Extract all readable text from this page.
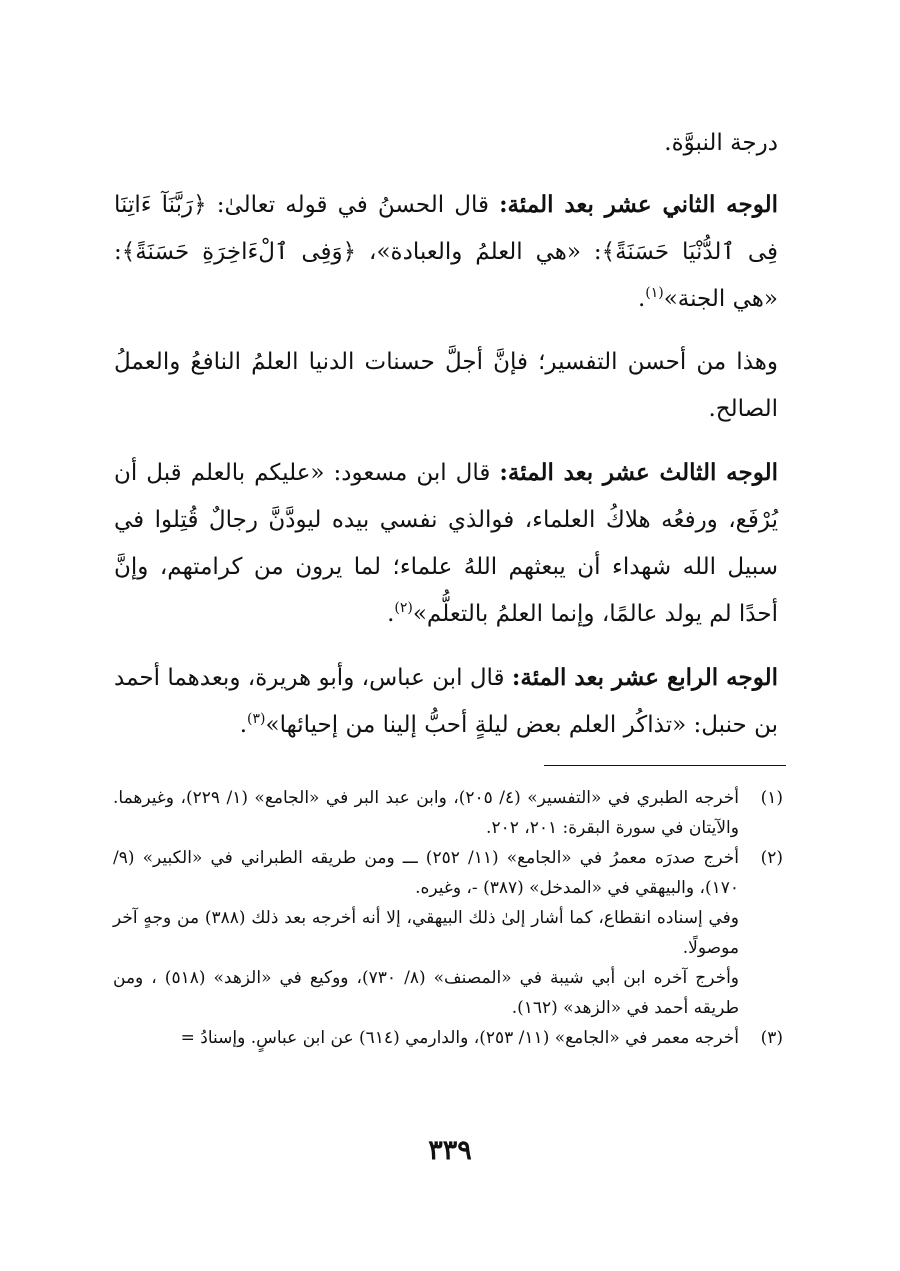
درجة النبوَّة.

الوجه الثاني عشر بعد المئة: قال الحسنُ في قوله تعالىٰ: ﴿رَبَّنَآ ءَاتِنَا فِى ٱلدُّنْيَا حَسَنَةً﴾: «هي العلمُ والعبادة»، ﴿وَفِى ٱلْءَاخِرَةِ حَسَنَةً﴾: «هي الجنة»$^{(١)}$.

وهذا من أحسن التفسير؛ فإنَّ أجلَّ حسنات الدنيا العلمُ النافعُ والعملُ الصالح.

الوجه الثالث عشر بعد المئة: قال ابن مسعود: «عليكم بالعلم قبل أن يُرْفَع، ورفعُه هلاكُ العلماء، فوالذي نفسي بيده ليودَّنَّ رجالٌ قُتِلوا في سبيل الله شهداء أن يبعثهم اللهُ علماء؛ لما يرون من كرامتهم، وإنَّ أحدًا لم يولد عالمًا، وإنما العلمُ بالتعلُّم»$^{(٢)}$.

الوجه الرابع عشر بعد المئة: قال ابن عباس، وأبو هريرة، وبعدهما أحمد بن حنبل: «تذاكُر العلم بعض ليلةٍ أحبُّ إلينا من إحيائها»$^{(٣)}$.

(١)
أخرجه الطبري في «التفسير» (٤/ ٢٠٥)، وابن عبد البر في «الجامع» (١/ ٢٢٩)، وغيرهما. والآيتان في سورة البقرة: ٢٠١، ٢٠٢.
(٢)
أخرج صدرَه معمرُ في «الجامع» (١١/ ٢٥٢) ـــ ومن طريقه الطبراني في «الكبير» (٩/ ١٧٠)، والبيهقي في «المدخل» (٣٨٧) -، وغيره.
وفي إسناده انقطاع، كما أشار إلىٰ ذلك البيهقي، إلا أنه أخرجه بعد ذلك (٣٨٨) من وجهٍ آخر موصولًا.
وأخرج آخره ابن أبي شيبة في «المصنف» (٨/ ٧٣٠)، ووكيع في «الزهد» (٥١٨) ، ومن طريقه أحمد في «الزهد» (١٦٢).
(٣)
أخرجه معمر في «الجامع» (١١/ ٢٥٣)، والدارمي (٦١٤) عن ابن عباسٍ. وإسنادُ =
٣٣٩
